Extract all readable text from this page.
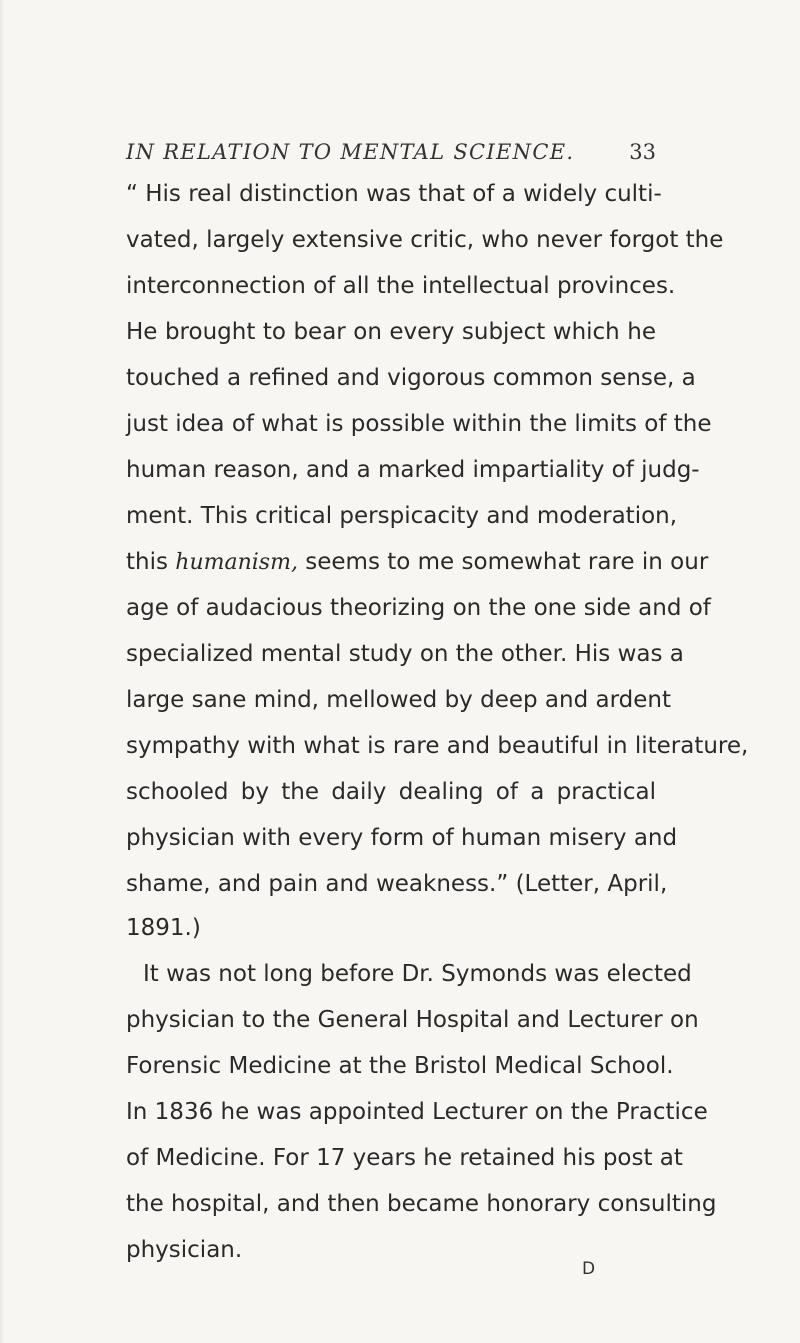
IN RELATION TO MENTAL SCIENCE.	33
“ His real distinction was that of a widely culti-
vated, largely extensive critic, who never forgot the
interconnection of all the intellectual provinces.
He brought to bear on every subject which he
touched a refined and vigorous common sense, a
just idea of what is possible within the limits of the
human reason, and a marked impartiality of judg-
ment. This critical perspicacity and moderation,
this humanism, seems to me somewhat rare in our
age of audacious theorizing on the one side and of
specialized mental study on the other. His was a
large sane mind, mellowed by deep and ardent
sympathy with what is rare and beautiful in literature,
schooled by the daily dealing of a practical
physician with every form of human misery and
shame, and pain and weakness.” (Letter, April,
1891.)
It was not long before Dr. Symonds was elected
physician to the General Hospital and Lecturer on
Forensic Medicine at the Bristol Medical School.
In 1836 he was appointed Lecturer on the Practice
of Medicine. For 17 years he retained his post at
the hospital, and then became honorary consulting
physician.
D
